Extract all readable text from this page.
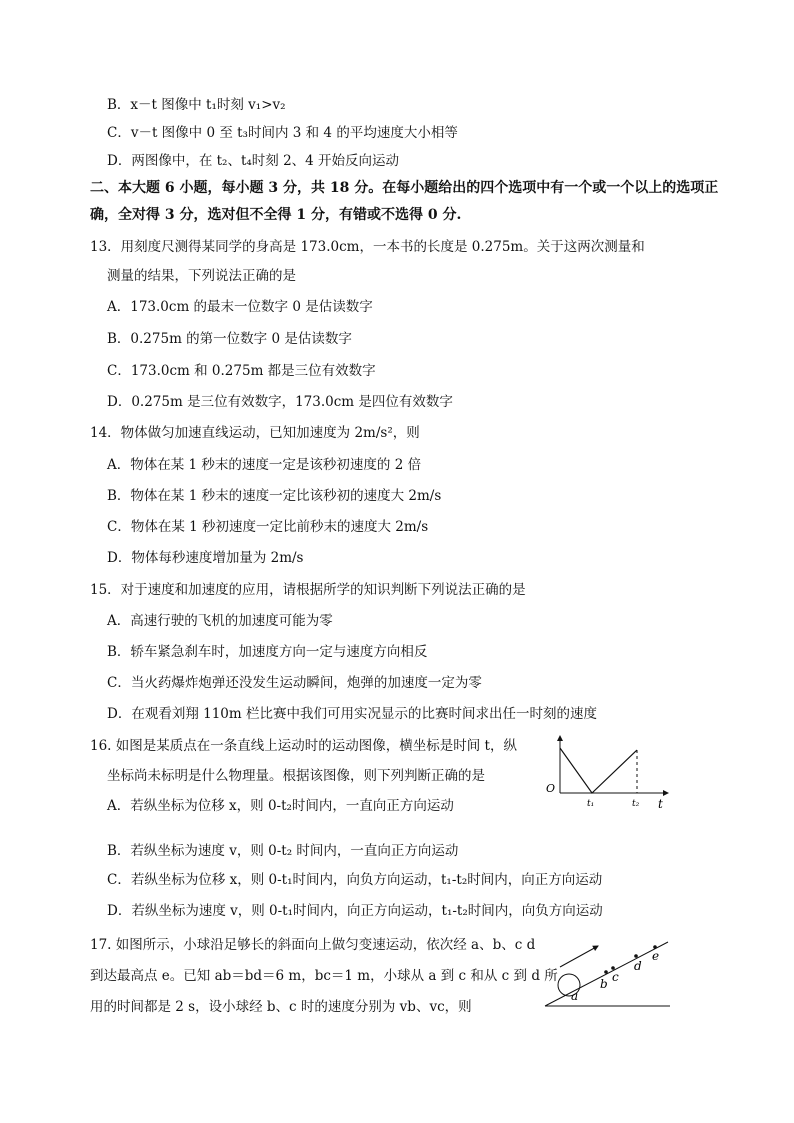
B．x－t 图像中 t₁时刻 v₁>v₂
C．v－t 图像中 0 至 t₃时间内 3 和 4 的平均速度大小相等
D．两图像中，在 t₂、t₄时刻 2、4 开始反向运动
二、本大题 6 小题，每小题 3 分，共 18 分。在每小题给出的四个选项中有一个或一个以上的选项正
确，全对得 3 分，选对但不全得 1 分，有错或不选得 0 分.
13．用刻度尺测得某同学的身高是 173.0cm，一本书的长度是 0.275m。关于这两次测量和
测量的结果，下列说法正确的是
A．173.0cm 的最末一位数字 0 是估读数字
B．0.275m 的第一位数字 0 是估读数字
C．173.0cm 和 0.275m 都是三位有效数字
D．0.275m 是三位有效数字，173.0cm 是四位有效数字
14．物体做匀加速直线运动，已知加速度为 2m/s²，则
A．物体在某 1 秒末的速度一定是该秒初速度的 2 倍
B．物体在某 1 秒末的速度一定比该秒初的速度大 2m/s
C．物体在某 1 秒初速度一定比前秒末的速度大 2m/s
D．物体每秒速度增加量为 2m/s
15．对于速度和加速度的应用，请根据所学的知识判断下列说法正确的是
A．高速行驶的飞机的加速度可能为零
B．轿车紧急刹车时，加速度方向一定与速度方向相反
C．当火药爆炸炮弹还没发生运动瞬间，炮弹的加速度一定为零
D．在观看刘翔 110m 栏比赛中我们可用实况显示的比赛时间求出任一时刻的速度
16. 如图是某质点在一条直线上运动时的运动图像，横坐标是时间 t，纵
坐标尚未标明是什么物理量。根据该图像，则下列判断正确的是
A．若纵坐标为位移 x，则 0-t₂时间内，一直向正方向运动
B．若纵坐标为速度 v，则 0-t₂ 时间内，一直向正方向运动
C．若纵坐标为位移 x，则 0-t₁时间内，向负方向运动，t₁-t₂时间内，向正方向运动
D．若纵坐标为速度 v，则 0-t₁时间内，向正方向运动，t₁-t₂时间内，向负方向运动
O
t₁	t₂ t
17. 如图所示，小球沿足够长的斜面向上做匀变速运动，依次经 a、b、c d
到达最高点 e。已知 ab＝bd＝6 m，bc＝1 m，小球从 a 到 c 和从 c 到 d 所
用的时间都是 2 s，设小球经 b、c 时的速度分别为 vb、vc，则
a
b c
d
e
